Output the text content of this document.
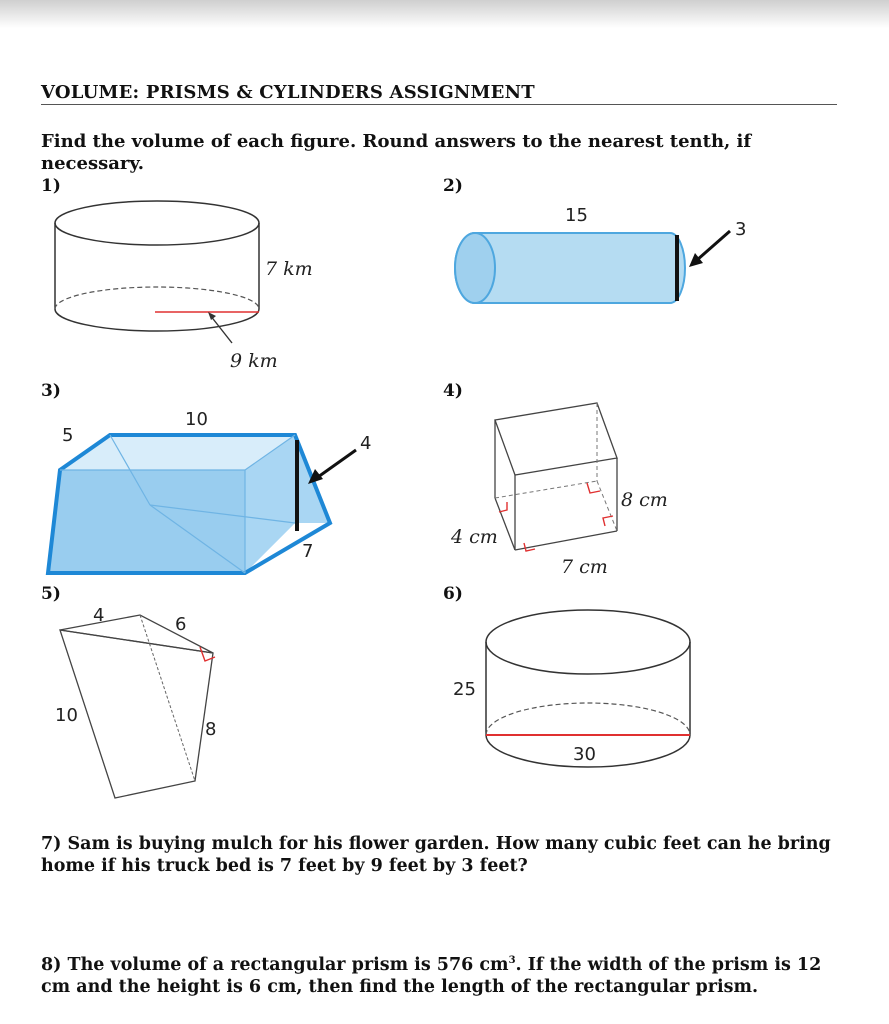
VOLUME: PRISMS & CYLINDERS ASSIGNMENT
Find the volume of each figure. Round answers to the nearest tenth, if necessary.
1)
7 km
9 km
2)
15
3
3)
5
10
4
7
4)
8 cm
4 cm
7 cm
5)
4	6
10
8
6)
25
30
7) Sam is buying mulch for his flower garden. How many cubic feet can he bring home if his truck bed is 7 feet by 9 feet by 3 feet?
8) The volume of a rectangular prism is 576 $cm^3$. If the width of the prism is 12 cm and the height is 6 cm, then find the length of the rectangular prism.
